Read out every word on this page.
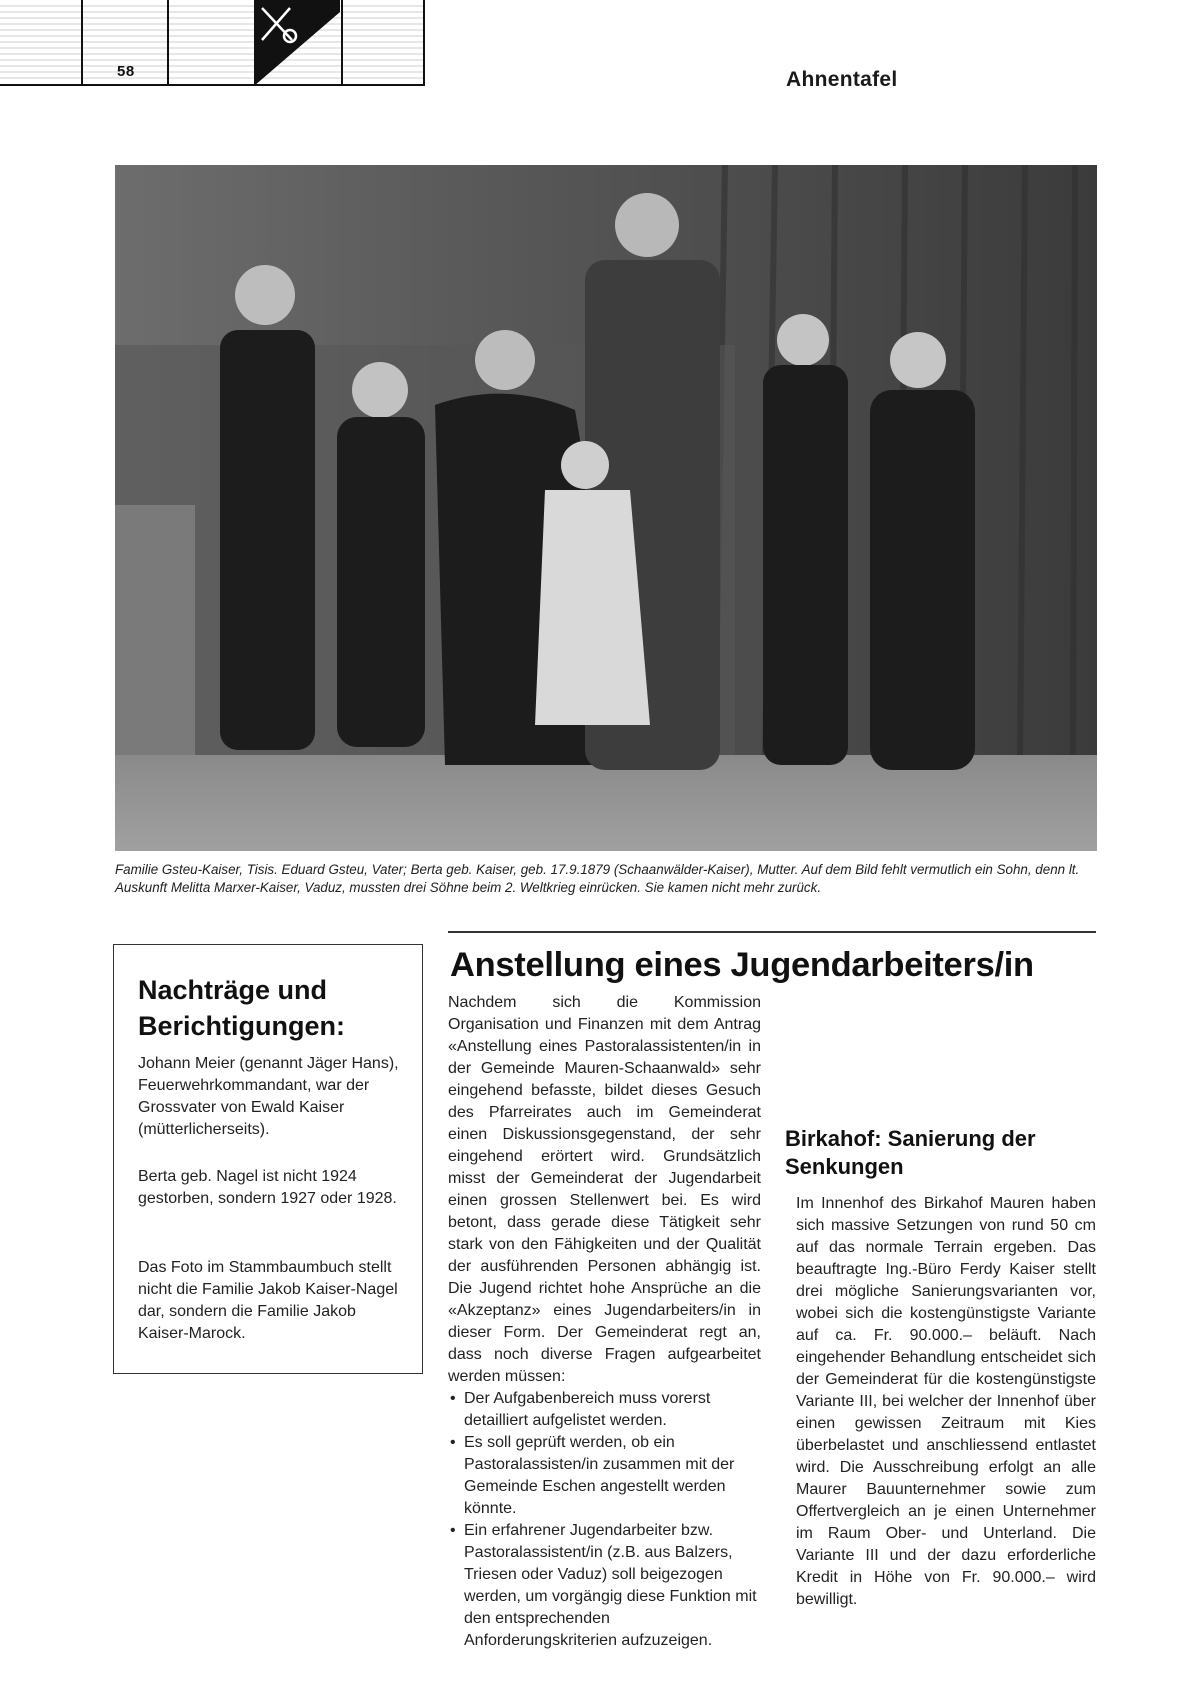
58	Ahnentafel
Familie Gsteu-Kaiser, Tisis. Eduard Gsteu, Vater; Berta geb. Kaiser, geb. 17.9.1879 (Schaanwälder-Kaiser), Mutter. Auf dem Bild fehlt vermutlich ein Sohn, denn lt. Auskunft Melitta Marxer-Kaiser, Vaduz, mussten drei Söhne beim 2. Weltkrieg einrücken. Sie kamen nicht mehr zurück.
Nachträge und Berichtigungen:

Johann Meier (genannt Jäger Hans), Feuerwehrkommandant, war der Grossvater von Ewald Kaiser (mütterlicherseits).

Berta geb. Nagel ist nicht 1924 gestorben, sondern 1927 oder 1928.

Das Foto im Stammbaumbuch stellt nicht die Familie Jakob Kaiser-Nagel dar, sondern die Familie Jakob Kaiser-Marock.

Anstellung eines Jugendarbeiters/in

Nachdem sich die Kommission Organisation und Finanzen mit dem Antrag «Anstellung eines Pastoralassistenten/in in der Gemeinde Mauren-Schaanwald» sehr eingehend befasste, bildet dieses Gesuch des Pfarreirates auch im Gemeinderat einen Diskussionsgegenstand, der sehr eingehend erörtert wird. Grundsätzlich misst der Gemeinderat der Jugendarbeit einen grossen Stellenwert bei. Es wird betont, dass gerade diese Tätigkeit sehr stark von den Fähigkeiten und der Qualität der ausführenden Personen abhängig ist. Die Jugend richtet hohe Ansprüche an die «Akzeptanz» eines Jugendarbeiters/in in dieser Form. Der Gemeinderat regt an, dass noch diverse Fragen aufgearbeitet werden müssen:

• Der Aufgabenbereich muss vorerst detailliert aufgelistet werden.
• Es soll geprüft werden, ob ein Pastoralassisten/in zusammen mit der Gemeinde Eschen angestellt werden könnte.
• Ein erfahrener Jugendarbeiter bzw. Pastoralassistent/in (z.B. aus Balzers, Triesen oder Vaduz) soll beigezogen werden, um vorgängig diese Funktion mit den entsprechenden Anforderungskriterien aufzuzeigen.
Birkahof: Sanierung der Senkungen

Im Innenhof des Birkahof Mauren haben sich massive Setzungen von rund 50 cm auf das normale Terrain ergeben. Das beauftragte Ing.-Büro Ferdy Kaiser stellt drei mögliche Sanierungsvarianten vor, wobei sich die kostengünstigste Variante auf ca. Fr. 90.000.– beläuft. Nach eingehender Behandlung entscheidet sich der Gemeinderat für die kostengünstigste Variante III, bei welcher der Innenhof über einen gewissen Zeitraum mit Kies überbelastet und anschliessend entlastet wird. Die Ausschreibung erfolgt an alle Maurer Bauunternehmer sowie zum Offertvergleich an je einen Unternehmer im Raum Ober- und Unterland. Die Variante III und der dazu erforderliche Kredit in Höhe von Fr. 90.000.– wird bewilligt.
